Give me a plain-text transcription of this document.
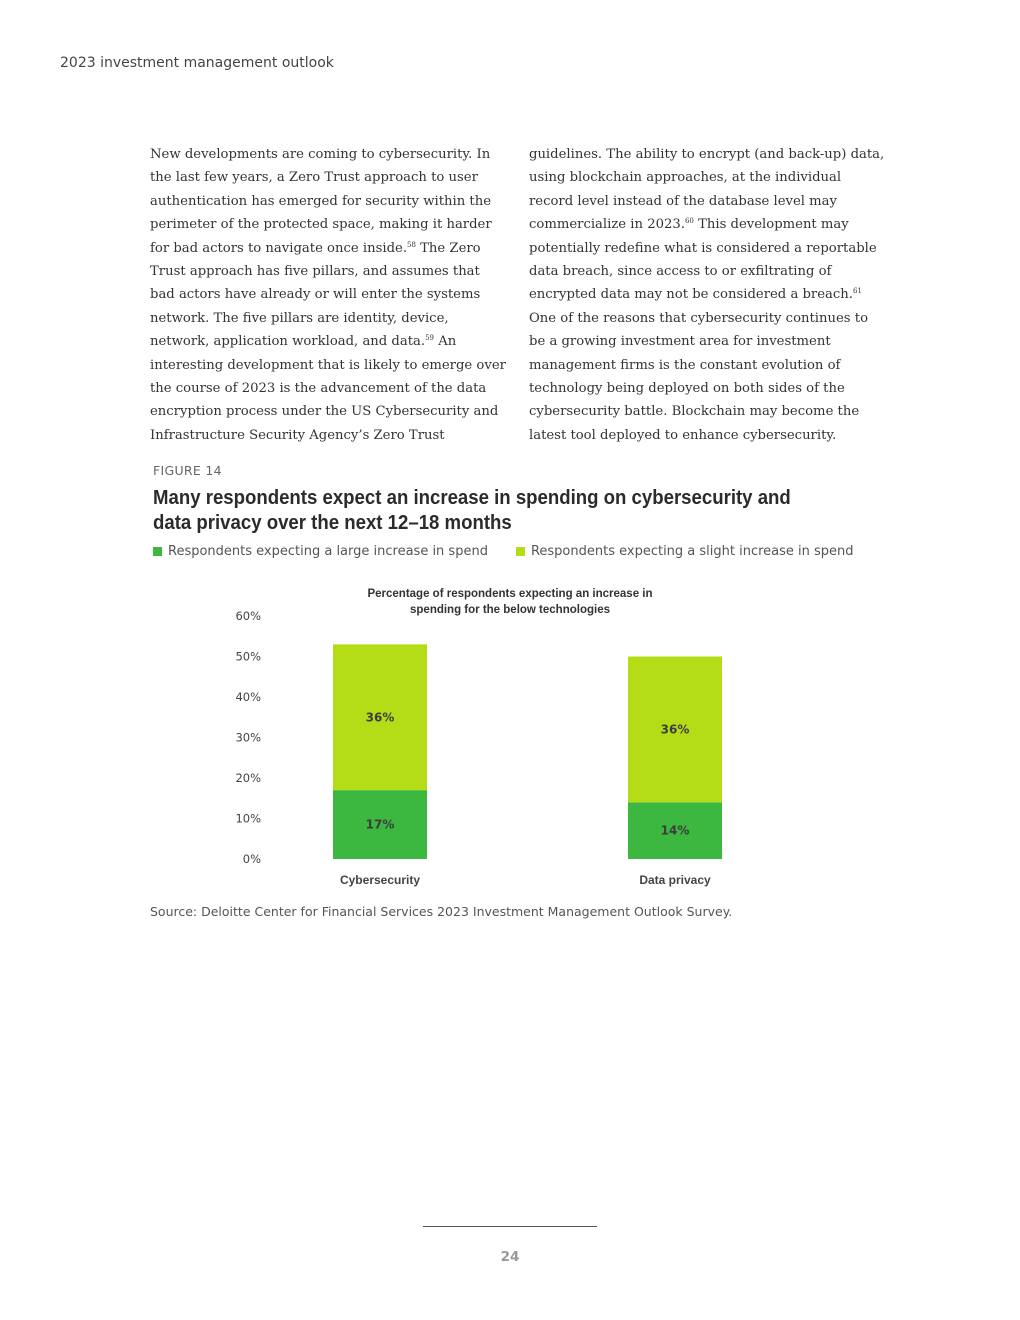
2023 investment management outlook
New developments are coming to cybersecurity. In
the last few years, a Zero Trust approach to user
authentication has emerged for security within the
perimeter of the protected space, making it harder
for bad actors to navigate once inside.$^{58}$ The Zero
Trust approach has five pillars, and assumes that
bad actors have already or will enter the systems
network. The five pillars are identity, device,
network, application workload, and data.$^{59}$ An
interesting development that is likely to emerge over
the course of 2023 is the advancement of the data
encryption process under the US Cybersecurity and
Infrastructure Security Agency’s Zero Trust
guidelines. The ability to encrypt (and back-up) data,
using blockchain approaches, at the individual
record level instead of the database level may
commercialize in 2023.60 This development may
potentially redefine what is considered a reportable
data breach, since access to or exfiltrating of
encrypted data may not be considered a breach.$^{61}$
One of the reasons that cybersecurity continues to
be a growing investment area for investment
management firms is the constant evolution of
technology being deployed on both sides of the
cybersecurity battle. Blockchain may become the
latest tool deployed to enhance cybersecurity.
FIGURE 14
Many respondents expect an increase in spending on cybersecurity and data privacy over the next 12–18 months
Respondents expecting a large increase in spend	Respondents expecting a slight increase in spend
Percentage of respondents expecting an increase in
spending for the below technologies
0%
10%
20%
30%
40%
50%
60%
17%
36%
Cybersecurity
14%
36%
Data privacy
Source: Deloitte Center for Financial Services 2023 Investment Management Outlook Survey.
24
